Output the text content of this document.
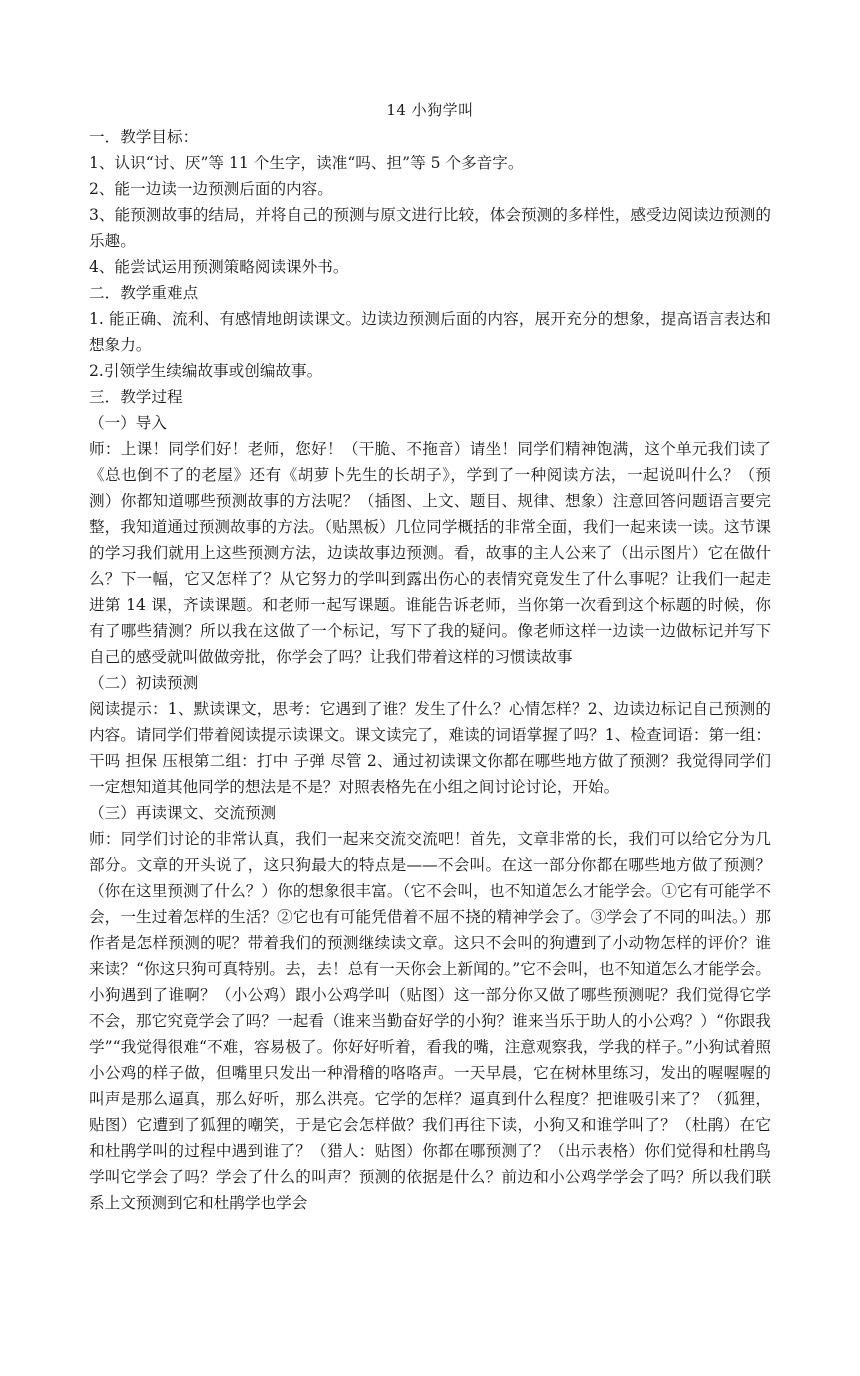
14 小狗学叫

一．教学目标：

1、认识“讨、厌”等 11 个生字，读准“吗、担”等 5 个多音字。

2、能一边读一边预测后面的内容。

3、能预测故事的结局，并将自己的预测与原文进行比较，体会预测的多样性，感受边阅读边预测的乐趣。

4、能尝试运用预测策略阅读课外书。

二．教学重难点

1. 能正确、流利、有感情地朗读课文。边读边预测后面的内容，展开充分的想象，提高语言表达和想象力。

2.引领学生续编故事或创编故事。

三．教学过程

（一）导入

师：上课！同学们好！老师，您好！（干脆、不拖音）请坐！同学们精神饱满，这个单元我们读了《总也倒不了的老屋》还有《胡萝卜先生的长胡子》，学到了一种阅读方法，一起说叫什么？（预测）你都知道哪些预测故事的方法呢？（插图、上文、题目、规律、想象）注意回答问题语言要完整，我知道通过预测故事的方法。（贴黑板）几位同学概括的非常全面，我们一起来读一读。这节课的学习我们就用上这些预测方法，边读故事边预测。看，故事的主人公来了（出示图片）它在做什么？下一幅，它又怎样了？从它努力的学叫到露出伤心的表情究竟发生了什么事呢？让我们一起走进第 14 课，齐读课题。和老师一起写课题。谁能告诉老师，当你第一次看到这个标题的时候，你有了哪些猜测？所以我在这做了一个标记，写下了我的疑问。像老师这样一边读一边做标记并写下自己的感受就叫做做旁批，你学会了吗？让我们带着这样的习惯读故事

（二）初读预测

阅读提示：1、默读课文，思考：它遇到了谁？发生了什么？心情怎样？2、边读边标记自己预测的内容。请同学们带着阅读提示读课文。课文读完了，难读的词语掌握了吗？1、检查词语：第一组：干吗 担保 压根第二组：打中 子弹 尽管 2、通过初读课文你都在哪些地方做了预测？我觉得同学们一定想知道其他同学的想法是不是？对照表格先在小组之间讨论讨论，开始。

（三）再读课文、交流预测

师：同学们讨论的非常认真，我们一起来交流交流吧！首先，文章非常的长，我们可以给它分为几部分。文章的开头说了，这只狗最大的特点是——不会叫。在这一部分你都在哪些地方做了预测？（你在这里预测了什么？）你的想象很丰富。（它不会叫，也不知道怎么才能学会。①它有可能学不会，一生过着怎样的生活？②它也有可能凭借着不屈不挠的精神学会了。③学会了不同的叫法。）那作者是怎样预测的呢？带着我们的预测继续读文章。这只不会叫的狗遭到了小动物怎样的评价？谁来读？“你这只狗可真特别。去，去！总有一天你会上新闻的。”它不会叫，也不知道怎么才能学会。小狗遇到了谁啊？（小公鸡）跟小公鸡学叫（贴图）这一部分你又做了哪些预测呢？我们觉得它学不会，那它究竟学会了吗？一起看（谁来当勤奋好学的小狗？谁来当乐于助人的小公鸡？）“你跟我学”“我觉得很难“不难，容易极了。你好好听着，看我的嘴，注意观察我，学我的样子。”小狗试着照小公鸡的样子做，但嘴里只发出一种滑稽的咯咯声。一天早晨，它在树林里练习，发出的喔喔喔的叫声是那么逼真，那么好听，那么洪亮。它学的怎样？逼真到什么程度？把谁吸引来了？（狐狸，贴图）它遭到了狐狸的嘲笑，于是它会怎样做？我们再往下读，小狗又和谁学叫了？（杜鹃）在它和杜鹃学叫的过程中遇到谁了？（猎人：贴图）你都在哪预测了？（出示表格）你们觉得和杜鹃鸟学叫它学会了吗？学会了什么的叫声？预测的依据是什么？前边和小公鸡学学会了吗？所以我们联系上文预测到它和杜鹃学也学会
